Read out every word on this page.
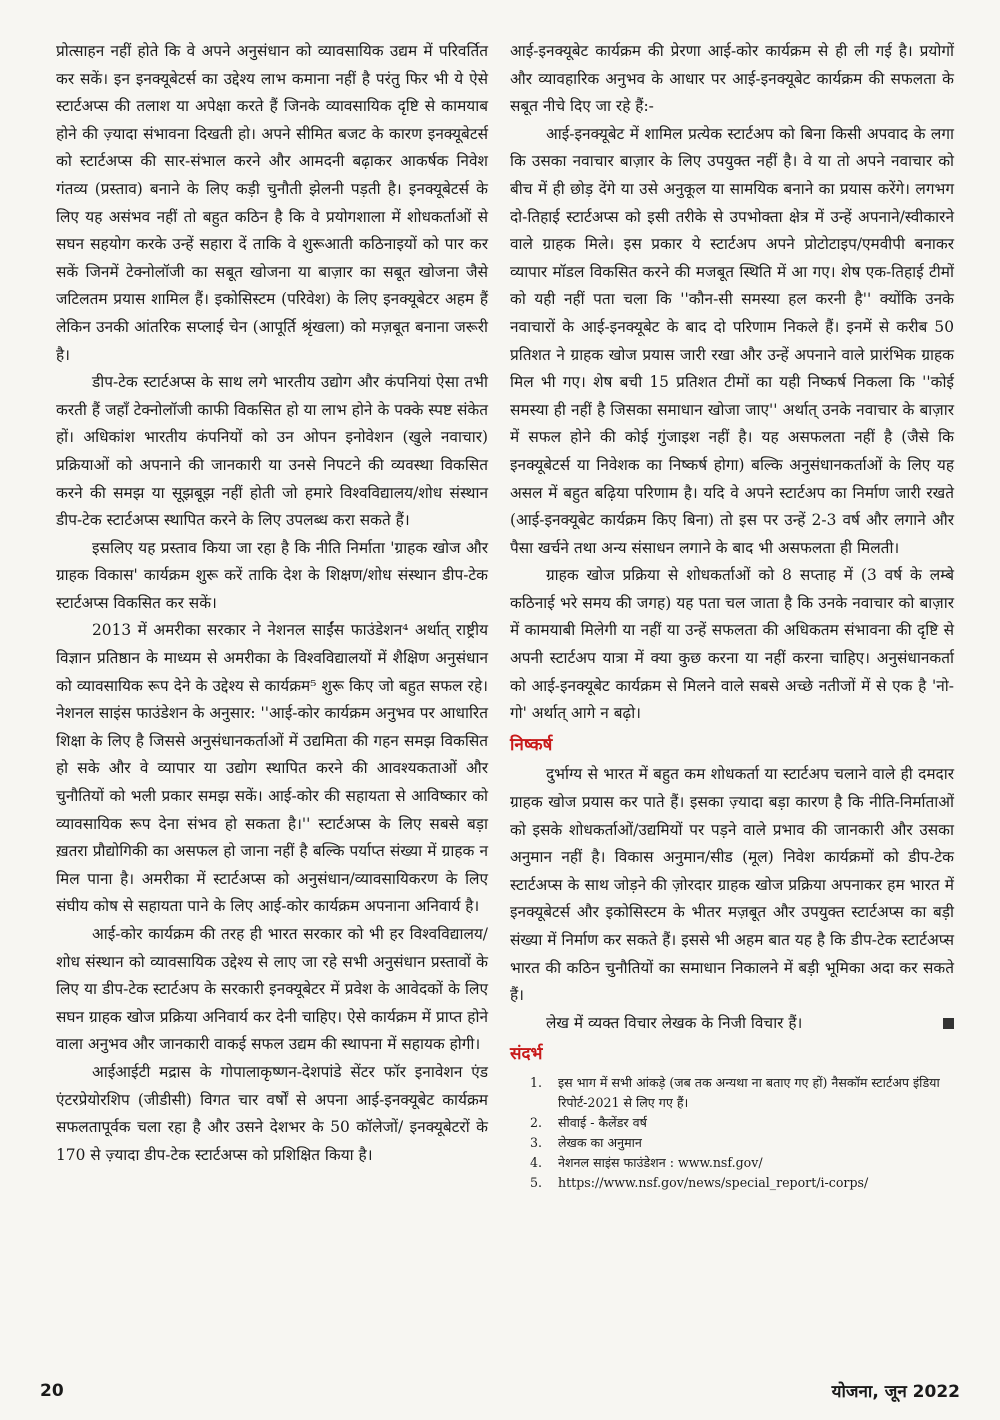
प्रोत्साहन नहीं होते कि वे अपने अनुसंधान को व्यावसायिक उद्यम में परिवर्तित कर सकें। इन इनक्यूबेटर्स का उद्देश्य लाभ कमाना नहीं है परंतु फिर भी ये ऐसे स्टार्टअप्स की तलाश या अपेक्षा करते हैं जिनके व्यावसायिक दृष्टि से कामयाब होने की ज़्यादा संभावना दिखती हो। अपने सीमित बजट के कारण इनक्यूबेटर्स को स्टार्टअप्स की सार-संभाल करने और आमदनी बढ़ाकर आकर्षक निवेश गंतव्य (प्रस्ताव) बनाने के लिए कड़ी चुनौती झेलनी पड़ती है। इनक्यूबेटर्स के लिए यह असंभव नहीं तो बहुत कठिन है कि वे प्रयोगशाला में शोधकर्ताओं से सघन सहयोग करके उन्हें सहारा दें ताकि वे शुरूआती कठिनाइयों को पार कर सकें जिनमें टेक्नोलॉजी का सबूत खोजना या बाज़ार का सबूत खोजना जैसे जटिलतम प्रयास शामिल हैं। इकोसिस्टम (परिवेश) के लिए इनक्यूबेटर अहम हैं लेकिन उनकी आंतरिक सप्लाई चेन (आपूर्ति श्रृंखला) को मज़बूत बनाना जरूरी है।

डीप-टेक स्टार्टअप्स के साथ लगे भारतीय उद्योग और कंपनियां ऐसा तभी करती हैं जहाँ टेक्नोलॉजी काफी विकसित हो या लाभ होने के पक्के स्पष्ट संकेत हों। अधिकांश भारतीय कंपनियों को उन ओपन इनोवेशन (खुले नवाचार) प्रक्रियाओं को अपनाने की जानकारी या उनसे निपटने की व्यवस्था विकसित करने की समझ या सूझबूझ नहीं होती जो हमारे विश्वविद्यालय/शोध संस्थान डीप-टेक स्टार्टअप्स स्थापित करने के लिए उपलब्ध करा सकते हैं।

इसलिए यह प्रस्ताव किया जा रहा है कि नीति निर्माता 'ग्राहक खोज और ग्राहक विकास' कार्यक्रम शुरू करें ताकि देश के शिक्षण/शोध संस्थान डीप-टेक स्टार्टअप्स विकसित कर सकें।

2013 में अमरीका सरकार ने नेशनल साईंस फाउंडेशन⁴ अर्थात् राष्ट्रीय विज्ञान प्रतिष्ठान के माध्यम से अमरीका के विश्वविद्यालयों में शैक्षिण अनुसंधान को व्यावसायिक रूप देने के उद्देश्य से कार्यक्रम⁵ शुरू किए जो बहुत सफल रहे। नेशनल साइंस फाउंडेशन के अनुसार: ''आई-कोर कार्यक्रम अनुभव पर आधारित शिक्षा के लिए है जिससे अनुसंधानकर्ताओं में उद्यमिता की गहन समझ विकसित हो सके और वे व्यापार या उद्योग स्थापित करने की आवश्यकताओं और चुनौतियों को भली प्रकार समझ सकें। आई-कोर की सहायता से आविष्कार को व्यावसायिक रूप देना संभव हो सकता है।'' स्टार्टअप्स के लिए सबसे बड़ा ख़तरा प्रौद्योगिकी का असफल हो जाना नहीं है बल्कि पर्याप्त संख्या में ग्राहक न मिल पाना है। अमरीका में स्टार्टअप्स को अनुसंधान/व्यावसायिकरण के लिए संघीय कोष से सहायता पाने के लिए आई-कोर कार्यक्रम अपनाना अनिवार्य है।

आई-कोर कार्यक्रम की तरह ही भारत सरकार को भी हर विश्वविद्यालय/शोध संस्थान को व्यावसायिक उद्देश्य से लाए जा रहे सभी अनुसंधान प्रस्तावों के लिए या डीप-टेक स्टार्टअप के सरकारी इनक्यूबेटर में प्रवेश के आवेदकों के लिए सघन ग्राहक खोज प्रक्रिया अनिवार्य कर देनी चाहिए। ऐसे कार्यक्रम में प्राप्त होने वाला अनुभव और जानकारी वाकई सफल उद्यम की स्थापना में सहायक होगी।

आईआईटी मद्रास के गोपालाकृष्णन-देशपांडे सेंटर फॉर इनावेशन एंड एंटरप्रेयोरशिप (जीडीसी) विगत चार वर्षों से अपना आई-इनक्यूबेट कार्यक्रम सफलतापूर्वक चला रहा है और उसने देशभर के 50 कॉलेजों/ इनक्यूबेटरों के 170 से ज़्यादा डीप-टेक स्टार्टअप्स को प्रशिक्षित किया है।

आई-इनक्यूबेट कार्यक्रम की प्रेरणा आई-कोर कार्यक्रम से ही ली गई है। प्रयोगों और व्यावहारिक अनुभव के आधार पर आई-इनक्यूबेट कार्यक्रम की सफलता के सबूत नीचे दिए जा रहे हैं:-

आई-इनक्यूबेट में शामिल प्रत्येक स्टार्टअप को बिना किसी अपवाद के लगा कि उसका नवाचार बाज़ार के लिए उपयुक्त नहीं है। वे या तो अपने नवाचार को बीच में ही छोड़ देंगे या उसे अनुकूल या सामयिक बनाने का प्रयास करेंगे। लगभग दो-तिहाई स्टार्टअप्स को इसी तरीके से उपभोक्ता क्षेत्र में उन्हें अपनाने/स्वीकारने वाले ग्राहक मिले। इस प्रकार ये स्टार्टअप अपने प्रोटोटाइप/एमवीपी बनाकर व्यापार मॉडल विकसित करने की मजबूत स्थिति में आ गए। शेष एक-तिहाई टीमों को यही नहीं पता चला कि ''कौन-सी समस्या हल करनी है'' क्योंकि उनके नवाचारों के आई-इनक्यूबेट के बाद दो परिणाम निकले हैं। इनमें से करीब 50 प्रतिशत ने ग्राहक खोज प्रयास जारी रखा और उन्हें अपनाने वाले प्रारंभिक ग्राहक मिल भी गए। शेष बची 15 प्रतिशत टीमों का यही निष्कर्ष निकला कि ''कोई समस्या ही नहीं है जिसका समाधान खोजा जाए'' अर्थात् उनके नवाचार के बाज़ार में सफल होने की कोई गुंजाइश नहीं है। यह असफलता नहीं है (जैसे कि इनक्यूबेटर्स या निवेशक का निष्कर्ष होगा) बल्कि अनुसंधानकर्ताओं के लिए यह असल में बहुत बढ़िया परिणाम है। यदि वे अपने स्टार्टअप का निर्माण जारी रखते (आई-इनक्यूबेट कार्यक्रम किए बिना) तो इस पर उन्हें 2-3 वर्ष और लगाने और पैसा खर्चने तथा अन्य संसाधन लगाने के बाद भी असफलता ही मिलती।

ग्राहक खोज प्रक्रिया से शोधकर्ताओं को 8 सप्ताह में (3 वर्ष के लम्बे कठिनाई भरे समय की जगह) यह पता चल जाता है कि उनके नवाचार को बाज़ार में कामयाबी मिलेगी या नहीं या उन्हें सफलता की अधिकतम संभावना की दृष्टि से अपनी स्टार्टअप यात्रा में क्या कुछ करना या नहीं करना चाहिए। अनुसंधानकर्ता को आई-इनक्यूबेट कार्यक्रम से मिलने वाले सबसे अच्छे नतीजों में से एक है 'नो-गो' अर्थात् आगे न बढ़ो।

निष्कर्ष

दुर्भाग्य से भारत में बहुत कम शोधकर्ता या स्टार्टअप चलाने वाले ही दमदार ग्राहक खोज प्रयास कर पाते हैं। इसका ज़्यादा बड़ा कारण है कि नीति-निर्माताओं को इसके शोधकर्ताओं/उद्यमियों पर पड़ने वाले प्रभाव की जानकारी और उसका अनुमान नहीं है। विकास अनुमान/सीड (मूल) निवेश कार्यक्रमों को डीप-टेक स्टार्टअप्स के साथ जोड़ने की ज़ोरदार ग्राहक खोज प्रक्रिया अपनाकर हम भारत में इनक्यूबेटर्स और इकोसिस्टम के भीतर मज़बूत और उपयुक्त स्टार्टअप्स का बड़ी संख्या में निर्माण कर सकते हैं। इससे भी अहम बात यह है कि डीप-टेक स्टार्टअप्स भारत की कठिन चुनौतियों का समाधान निकालने में बड़ी भूमिका अदा कर सकते हैं।

लेख में व्यक्त विचार लेखक के निजी विचार हैं।

संदर्भ
1. इस भाग में सभी आंकड़े (जब तक अन्यथा ना बताए गए हों) नैसकॉम स्टार्टअप इंडिया रिपोर्ट-2021 से लिए गए हैं।
2. सीवाई - कैलेंडर वर्ष
3. लेखक का अनुमान
4. नेशनल साइंस फाउंडेशन : www.nsf.gov/
5. https://www.nsf.gov/news/special_report/i-corps/
20	योजना, जून 2022
